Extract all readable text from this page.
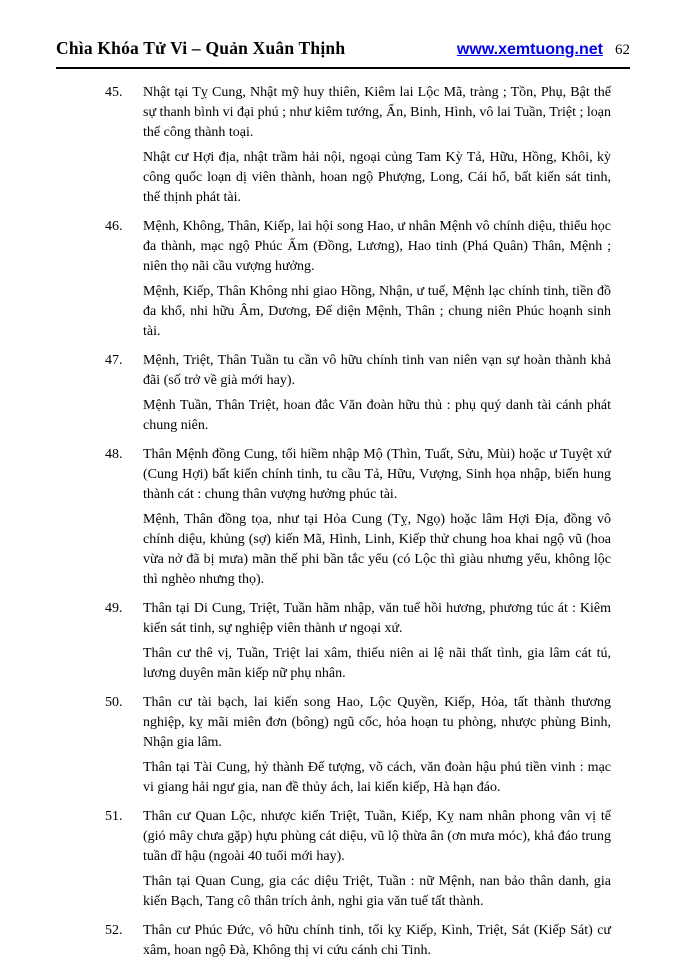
Chìa Khóa Tử Vi – Quản Xuân Thịnh	www.xemtuong.net 62
45.	Nhật tại Tỵ Cung, Nhật mỹ huy thiên, Kiêm lai Lộc Mã, tràng ; Tồn, Phụ, Bật thế sự thanh bình vi đại phú ; như kiêm tướng, Ấn, Binh, Hình, vô lai Tuần, Triệt ; loạn thế công thành toại.

Nhật cư Hợi địa, nhật trầm hải nội, ngoại củng Tam Kỳ Tả, Hữu, Hồng, Khôi, kỳ công quốc loạn dị viên thành, hoan ngộ Phượng, Long, Cái hổ, bất kiến sát tinh, thế thịnh phát tài.

46.	Mệnh, Không, Thân, Kiếp, lai hội song Hao, ư nhân Mệnh vô chính diệu, thiểu học đa thành, mạc ngộ Phúc Ấm (Đồng, Lương), Hao tinh (Phá Quân) Thân, Mệnh ; niên thọ nãi cầu vượng hưởng.

Mệnh, Kiếp, Thân Không nhi giao Hồng, Nhận, ư tuế, Mệnh lạc chính tinh, tiền đồ đa khổ, nhi hữu Âm, Dương, Đế diện Mệnh, Thân ; chung niên Phúc hoạnh sinh tài.

47.	Mệnh, Triệt, Thân Tuần tu cần vô hữu chính tinh van niên vạn sự hoàn thành khả đãi (số trở về già mới hay).

Mệnh Tuần, Thân Triệt, hoan đắc Văn đoàn hữu thủ : phụ quý danh tài cánh phát chung niên.

48.	Thân Mệnh đồng Cung, tối hiềm nhập Mộ (Thìn, Tuất, Sửu, Mùi) hoặc ư Tuyệt xứ (Cung Hợi) bất kiến chính tinh, tu cầu Tả, Hữu, Vượng, Sinh họa nhập, biến hung thành cát : chung thân vượng hưởng phúc tài.

Mệnh, Thân đồng tọa, như tại Hỏa Cung (Tỵ, Ngọ) hoặc lâm Hợi Địa, đồng vô chính diệu, khủng (sợ) kiến Mã, Hình, Linh, Kiếp thử chung hoa khai ngộ vũ (hoa vừa nở đã bị mưa) mãn thế phi bần tắc yểu (có Lộc thì giàu nhưng yểu, không lộc thì nghèo nhưng thọ).

49.	Thân tại Di Cung, Triệt, Tuần hãm nhập, văn tuế hồi hương, phương túc át : Kiêm kiến sát tinh, sự nghiệp viên thành ư ngoại xứ.

Thân cư thê vị, Tuần, Triệt lai xâm, thiếu niên ai lệ nãi thất tình, gia lâm cát tú, lương duyên mãn kiếp nữ phụ nhân.

50.	Thân cư tài bạch, lai kiến song Hao, Lộc Quyền, Kiếp, Hỏa, tất thành thương nghiệp, kỵ mãi miên đơn (bông) ngũ cốc, hỏa hoạn tu phòng, nhược phùng Binh, Nhận gia lâm.

Thân tại Tài Cung, hỷ thành Đế tượng, võ cách, văn đoàn hậu phú tiền vinh : mạc vi giang hải ngư gia, nan đề thủy ách, lai kiến kiếp, Hà hạn đáo.

51.	Thân cư Quan Lộc, nhược kiến Triệt, Tuần, Kiếp, Kỵ nam nhân phong vân vị tế (gió mây chưa gặp) hựu phùng cát diệu, vũ lộ thừa ân (ơn mưa móc), khả đáo trung tuần dĩ hậu (ngoài 40 tuổi mới hay).

Thân tại Quan Cung, gia các diệu Triệt, Tuần : nữ Mệnh, nan bảo thân danh, gia kiến Bạch, Tang cô thân trích ảnh, nghi gia văn tuế tất thành.

52.	Thân cư Phúc Đức, vô hữu chính tinh, tối kỵ Kiếp, Kình, Triệt, Sát (Kiếp Sát) cư xâm, hoan ngộ Đà, Không thị vi cứu cánh chi Tinh.
